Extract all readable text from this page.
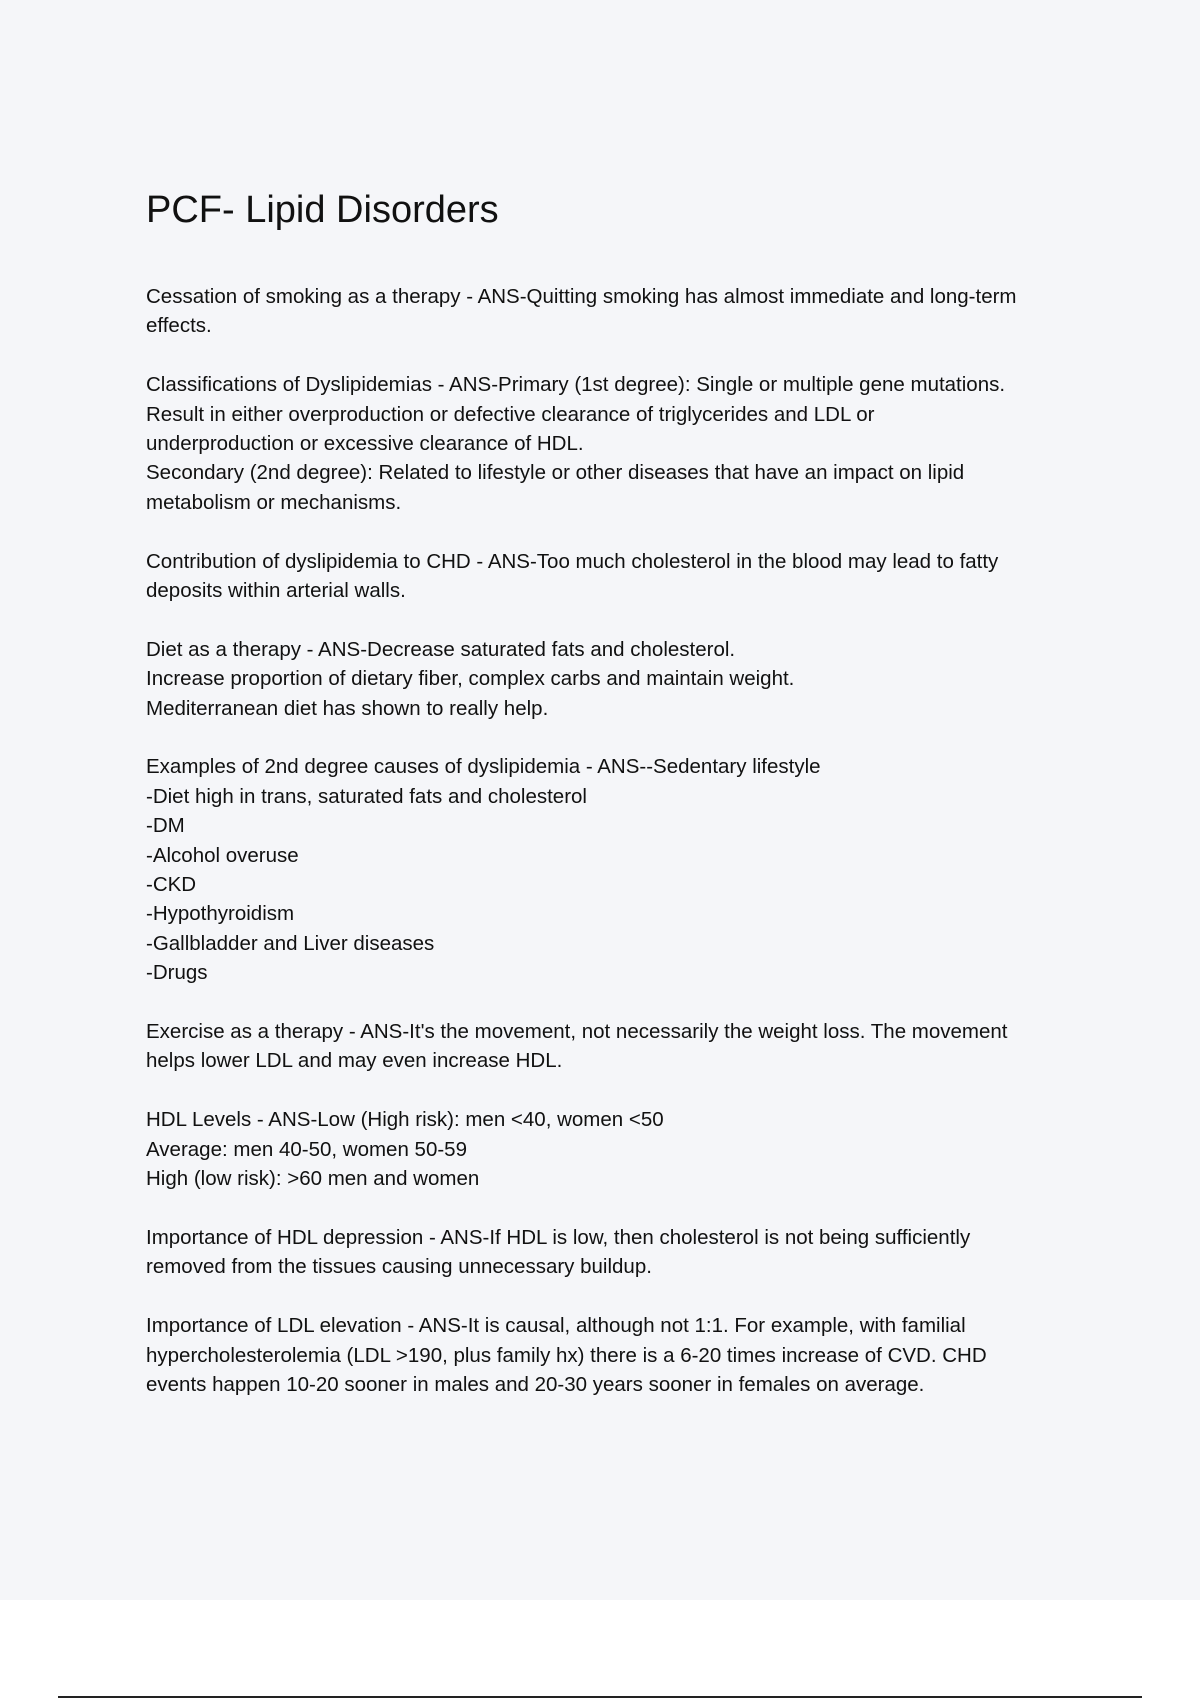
PCF- Lipid Disorders
Cessation of smoking as a therapy - ANS-Quitting smoking has almost immediate and long-term
effects.
Classifications of Dyslipidemias - ANS-Primary (1st degree): Single or multiple gene mutations.
Result in either overproduction or defective clearance of triglycerides and LDL or
underproduction or excessive clearance of HDL.
Secondary (2nd degree): Related to lifestyle or other diseases that have an impact on lipid
metabolism or mechanisms.
Contribution of dyslipidemia to CHD - ANS-Too much cholesterol in the blood may lead to fatty
deposits within arterial walls.
Diet as a therapy - ANS-Decrease saturated fats and cholesterol.
Increase proportion of dietary fiber, complex carbs and maintain weight.
Mediterranean diet has shown to really help.
Examples of 2nd degree causes of dyslipidemia - ANS--Sedentary lifestyle
-Diet high in trans, saturated fats and cholesterol
-DM
-Alcohol overuse
-CKD
-Hypothyroidism
-Gallbladder and Liver diseases
-Drugs
Exercise as a therapy - ANS-It's the movement, not necessarily the weight loss. The movement
helps lower LDL and may even increase HDL.
HDL Levels - ANS-Low (High risk): men <40, women <50
Average: men 40-50, women 50-59
High (low risk): >60 men and women
Importance of HDL depression - ANS-If HDL is low, then cholesterol is not being sufficiently
removed from the tissues causing unnecessary buildup.
Importance of LDL elevation - ANS-It is causal, although not 1:1. For example, with familial
hypercholesterolemia (LDL >190, plus family hx) there is a 6-20 times increase of CVD. CHD
events happen 10-20 sooner in males and 20-30 years sooner in females on average.
